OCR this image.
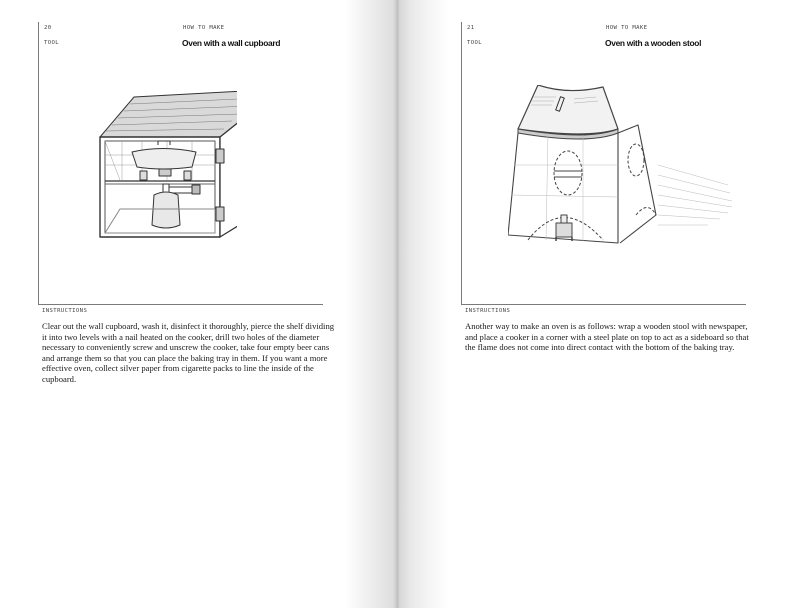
20
TOOL
HOW TO MAKE
Oven with a wall cupboard
INSTRUCTIONS

Clear out the wall cupboard, wash it, disinfect it thoroughly, pierce the shelf dividing it into two levels with a nail heated on the cooker, drill two holes of the diameter necessary to conveniently screw and unscrew the cooker, take four empty beer cans and arrange them so that you can place the baking tray in them. If you want a more effective oven, collect silver paper from cigarette packs to line the inside of the cupboard.

21
TOOL
HOW TO MAKE
Oven with a wooden stool
INSTRUCTIONS

Another way to make an oven is as follows: wrap a wooden stool with newspaper, and place a cooker in a corner with a steel plate on top to act as a sideboard so that the flame does not come into direct contact with the bottom of the baking tray.
